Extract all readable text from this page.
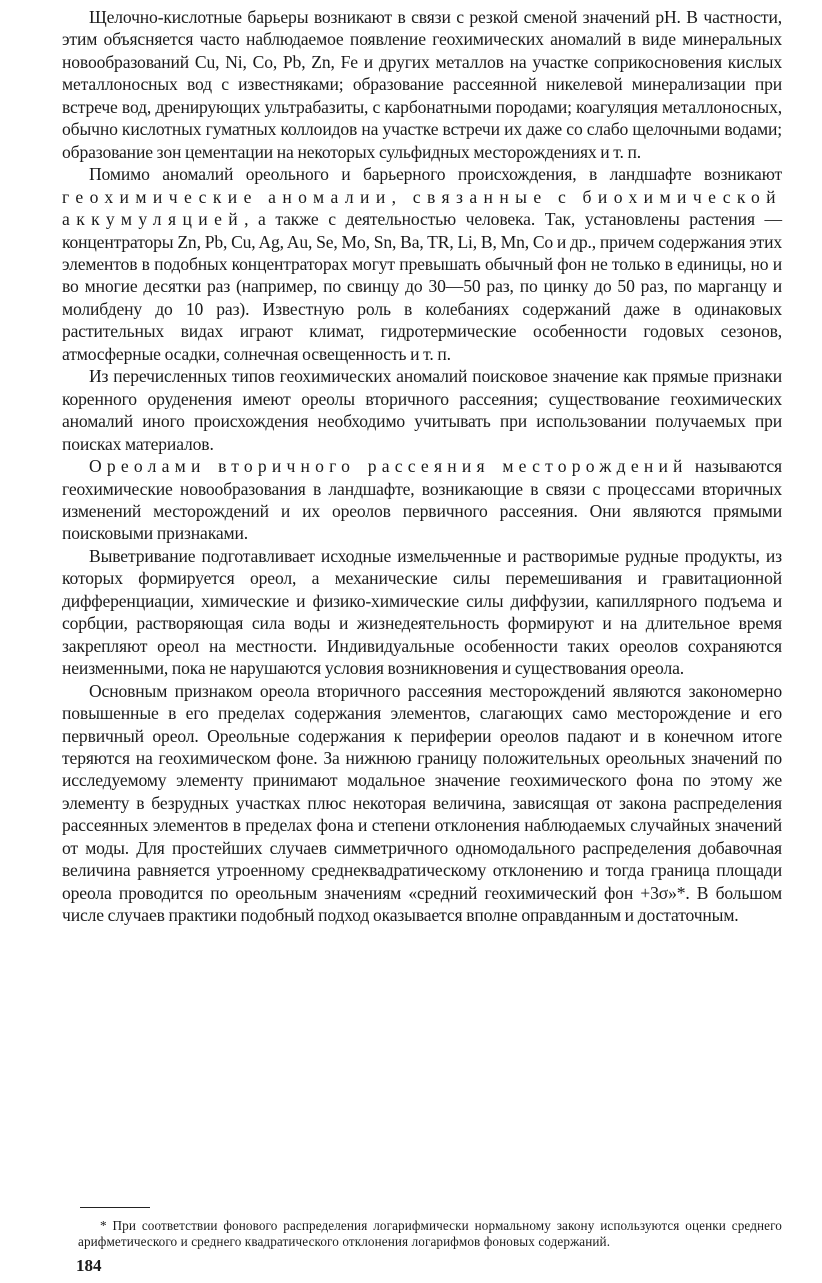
Щелочно-кислотные барьеры возникают в связи с резкой сменой значений pH. В частности, этим объясняется часто наблюдаемое появление геохимических аномалий в виде минеральных новообразований Cu, Ni, Co, Pb, Zn, Fe и других металлов на участке соприкосновения кислых металлоносных вод с известняками; образование рассеянной никелевой минерализации при встрече вод, дренирующих ультрабазиты, с карбонатными породами; коагуляция металлоносных, обычно кислотных гуматных коллоидов на участке встречи их даже со слабо щелочными водами; образование зон цементации на некоторых сульфидных месторождениях и т. п.

Помимо аномалий ореольного и барьерного происхождения, в ландшафте возникают геохимические аномалии, связанные с биохимической аккумуляцией, а также с деятельностью человека. Так, установлены растения — концентраторы Zn, Pb, Cu, Ag, Au, Se, Mo, Sn, Ba, TR, Li, B, Mn, Co и др., причем содержания этих элементов в подобных концентраторах могут превышать обычный фон не только в единицы, но и во многие десятки раз (например, по свинцу до 30—50 раз, по цинку до 50 раз, по марганцу и молибдену до 10 раз). Известную роль в колебаниях содержаний даже в одинаковых растительных видах играют климат, гидротермические особенности годовых сезонов, атмосферные осадки, солнечная освещенность и т. п.

Из перечисленных типов геохимических аномалий поисковое значение как прямые признаки коренного оруденения имеют ореолы вторичного рассеяния; существование геохимических аномалий иного происхождения необходимо учитывать при использовании получаемых при поисках материалов.

Ореолами вторичного рассеяния месторождений называются геохимические новообразования в ландшафте, возникающие в связи с процессами вторичных изменений месторождений и их ореолов первичного рассеяния. Они являются прямыми поисковыми признаками.

Выветривание подготавливает исходные измельченные и растворимые рудные продукты, из которых формируется ореол, а механические силы перемешивания и гравитационной дифференциации, химические и физико-химические силы диффузии, капиллярного подъема и сорбции, растворяющая сила воды и жизнедеятельность формируют и на длительное время закрепляют ореол на местности. Индивидуальные особенности таких ореолов сохраняются неизменными, пока не нарушаются условия возникновения и существования ореола.

Основным признаком ореола вторичного рассеяния месторождений являются закономерно повышенные в его пределах содержания элементов, слагающих само месторождение и его первичный ореол. Ореольные содержания к периферии ореолов падают и в конечном итоге теряются на геохимическом фоне. За нижнюю границу положительных ореольных значений по исследуемому элементу принимают модальное значение геохимического фона по этому же элементу в безрудных участках плюс некоторая величина, зависящая от закона распределения рассеянных элементов в пределах фона и степени отклонения наблюдаемых случайных значений от моды. Для простейших случаев симметричного одномодального распределения добавочная величина равняется утроенному среднеквадратическому отклонению и тогда граница площади ореола проводится по ореольным значениям «средний геохимический фон +3σ»*. В большом числе случаев практики подобный подход оказывается вполне оправданным и достаточным.

* При соответствии фонового распределения логарифмически нормальному закону используются оценки среднего арифметического и среднего квадратического отклонения логарифмов фоновых содержаний.

184
